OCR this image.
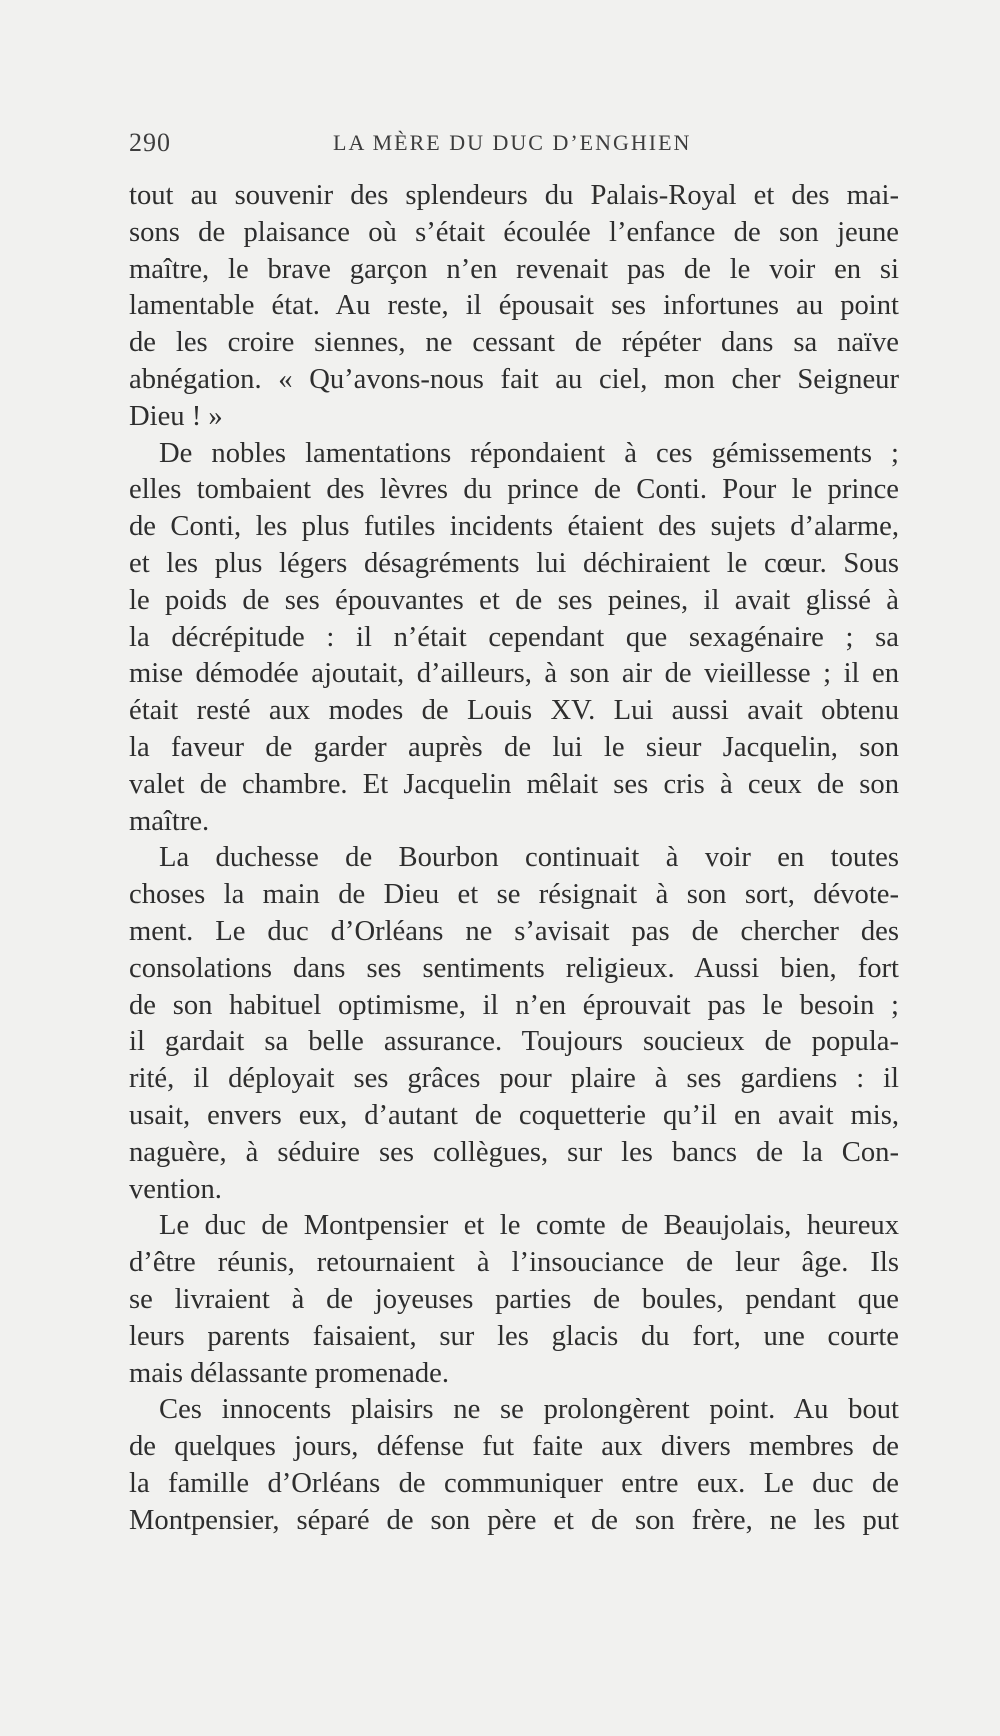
290	LA MÈRE DU DUC D’ENGHIEN
tout au souvenir des splendeurs du Palais-Royal et des mai-
sons de plaisance où s’était écoulée l’enfance de son jeune
maître, le brave garçon n’en revenait pas de le voir en si
lamentable état. Au reste, il épousait ses infortunes au point
de les croire siennes, ne cessant de répéter dans sa naïve
abnégation. « Qu’avons-nous fait au ciel, mon cher Seigneur
Dieu ! »
De nobles lamentations répondaient à ces gémissements ;
elles tombaient des lèvres du prince de Conti. Pour le prince
de Conti, les plus futiles incidents étaient des sujets d’alarme,
et les plus légers désagréments lui déchiraient le cœur. Sous
le poids de ses épouvantes et de ses peines, il avait glissé à
la décrépitude : il n’était cependant que sexagénaire ; sa
mise démodée ajoutait, d’ailleurs, à son air de vieillesse ; il en
était resté aux modes de Louis XV. Lui aussi avait obtenu
la faveur de garder auprès de lui le sieur Jacquelin, son
valet de chambre. Et Jacquelin mêlait ses cris à ceux de son
maître.
La duchesse de Bourbon continuait à voir en toutes
choses la main de Dieu et se résignait à son sort, dévote-
ment. Le duc d’Orléans ne s’avisait pas de chercher des
consolations dans ses sentiments religieux. Aussi bien, fort
de son habituel optimisme, il n’en éprouvait pas le besoin ;
il gardait sa belle assurance. Toujours soucieux de popula-
rité, il déployait ses grâces pour plaire à ses gardiens : il
usait, envers eux, d’autant de coquetterie qu’il en avait mis,
naguère, à séduire ses collègues, sur les bancs de la Con-
vention.
Le duc de Montpensier et le comte de Beaujolais, heureux
d’être réunis, retournaient à l’insouciance de leur âge. Ils
se livraient à de joyeuses parties de boules, pendant que
leurs parents faisaient, sur les glacis du fort, une courte
mais délassante promenade.
Ces innocents plaisirs ne se prolongèrent point. Au bout
de quelques jours, défense fut faite aux divers membres de
la famille d’Orléans de communiquer entre eux. Le duc de
Montpensier, séparé de son père et de son frère, ne les put
